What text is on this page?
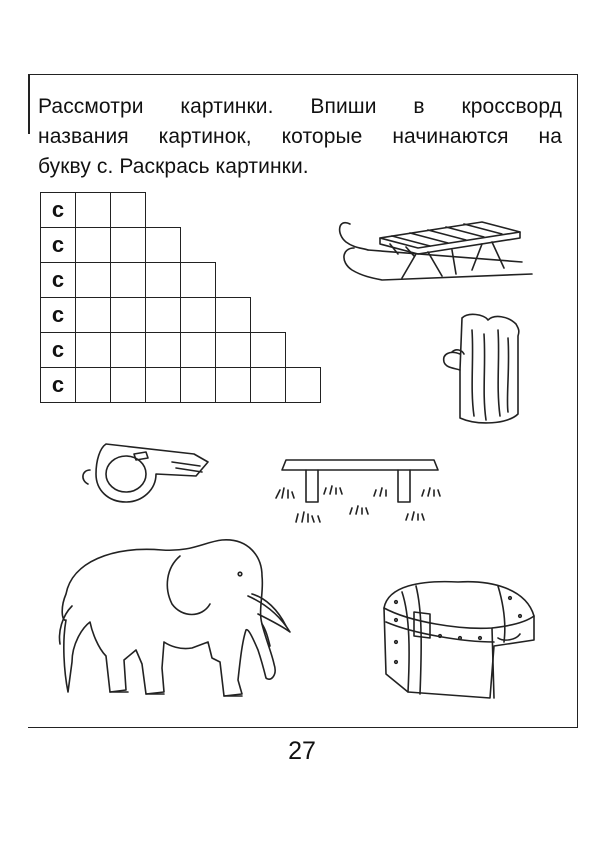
Рассмотри картинки. Впиши в кроссворд
названия картинок, которые начинаются на
букву с. Раскрась картинки.
с
с
с
с
с
с
27
